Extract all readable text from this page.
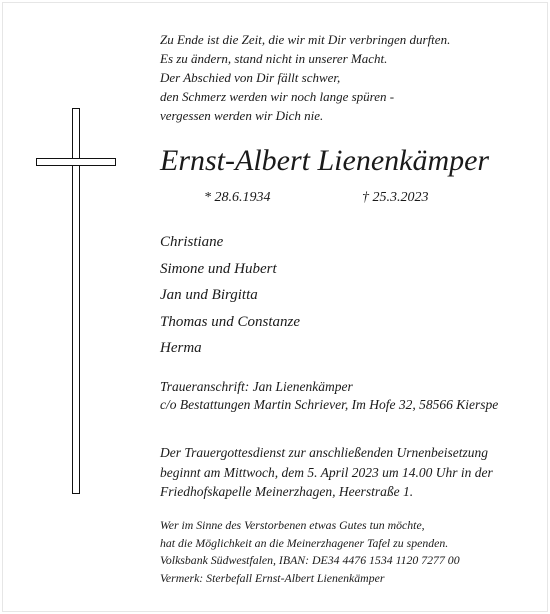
Zu Ende ist die Zeit, die wir mit Dir verbringen durften.
Es zu ändern, stand nicht in unserer Macht.
Der Abschied von Dir fällt schwer,
den Schmerz werden wir noch lange spüren -
vergessen werden wir Dich nie.
Ernst-Albert Lienenkämper
* 28.6.1934	† 25.3.2023
Christiane
Simone und Hubert
Jan und Birgitta
Thomas und Constanze
Herma
Traueranschrift: Jan Lienenkämper
c/o Bestattungen Martin Schriever, Im Hofe 32, 58566 Kierspe
Der Trauergottesdienst zur anschließenden Urnenbeisetzung
beginnt am Mittwoch, dem 5. April 2023 um 14.00 Uhr in der
Friedhofskapelle Meinerzhagen, Heerstraße 1.
Wer im Sinne des Verstorbenen etwas Gutes tun möchte,
hat die Möglichkeit an die Meinerzhagener Tafel zu spenden.
Volksbank Südwestfalen, IBAN: DE34 4476 1534 1120 7277 00
Vermerk: Sterbefall Ernst-Albert Lienenkämper
